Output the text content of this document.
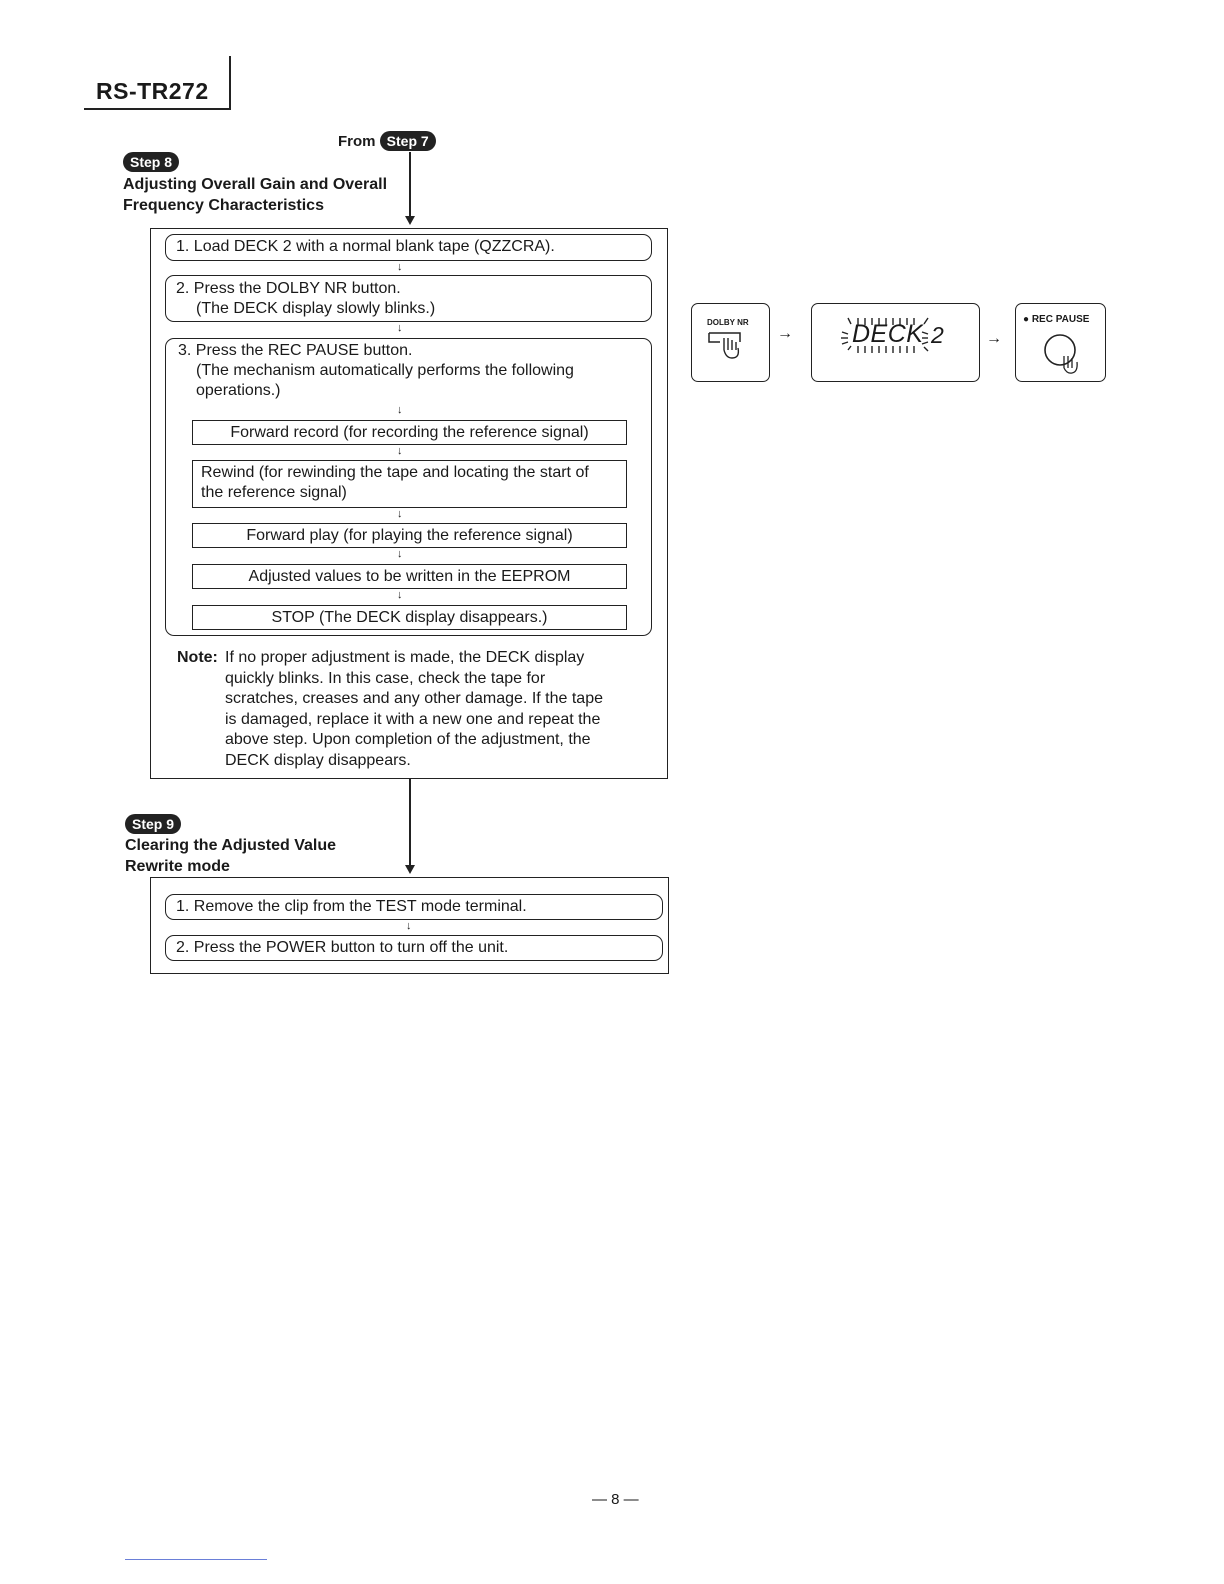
RS-TR272
From Step 7
Step 8
Adjusting Overall Gain and Overall
Frequency Characteristics
1. Load DECK 2 with a normal blank tape (QZZCRA).
↓
2. Press the DOLBY NR button.
(The DECK display slowly blinks.)
↓
3. Press the REC PAUSE button.
(The mechanism automatically performs the following
operations.)
↓
Forward record (for recording the reference signal)
↓
Rewind (for rewinding the tape and locating the start of
the reference signal)
↓
Forward play (for playing the reference signal)
↓
Adjusted values to be written in the EEPROM
↓
STOP (The DECK display disappears.)
Note: If no proper adjustment is made, the DECK display
quickly blinks. In this case, check the tape for
scratches, creases and any other damage. If the tape
is damaged, replace it with a new one and repeat the
above step. Upon completion of the adjustment, the
DECK display disappears.
Step 9
Clearing the Adjusted Value
Rewrite mode
1. Remove the clip from the TEST mode terminal.
↓
2. Press the POWER button to turn off the unit.
DOLBY NR
→ DECK 2	→
● REC PAUSE
— 8 —
